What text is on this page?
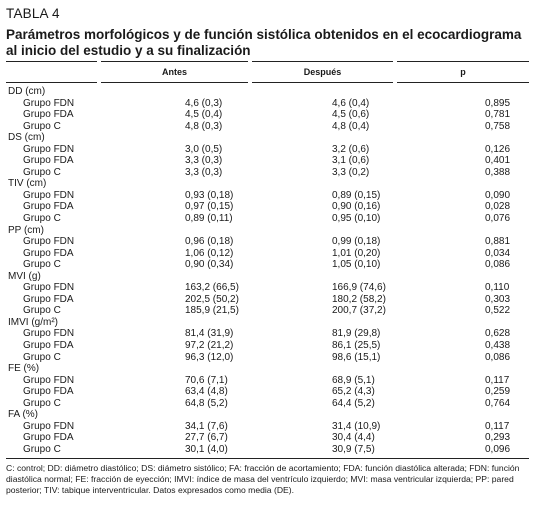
TABLA 4
Parámetros morfológicos y de función sistólica obtenidos en el ecocardiograma al inicio del estudio y a su finalización
	Antes	Después	p
DD (cm)			
Grupo FDN	4,6 (0,3)	4,6 (0,4)	0,895
Grupo FDA	4,5 (0,4)	4,5 (0,6)	0,781
Grupo C	4,8 (0,3)	4,8 (0,4)	0,758
DS (cm)			
Grupo FDN	3,0 (0,5)	3,2 (0,6)	0,126
Grupo FDA	3,3 (0,3)	3,1 (0,6)	0,401
Grupo C	3,3 (0,3)	3,3 (0,2)	0,388
TIV (cm)			
Grupo FDN	0,93 (0,18)	0,89 (0,15)	0,090
Grupo FDA	0,97 (0,15)	0,90 (0,16)	0,028
Grupo C	0,89 (0,11)	0,95 (0,10)	0,076
PP (cm)			
Grupo FDN	0,96 (0,18)	0,99 (0,18)	0,881
Grupo FDA	1,06 (0,12)	1,01 (0,20)	0,034
Grupo C	0,90 (0,34)	1,05 (0,10)	0,086
MVI (g)			
Grupo FDN	163,2 (66,5)	166,9 (74,6)	0,110
Grupo FDA	202,5 (50,2)	180,2 (58,2)	0,303
Grupo C	185,9 (21,5)	200,7 (37,2)	0,522
IMVI (g/m²)			
Grupo FDN	81,4 (31,9)	81,9 (29,8)	0,628
Grupo FDA	97,2 (21,2)	86,1 (25,5)	0,438
Grupo C	96,3 (12,0)	98,6 (15,1)	0,086
FE (%)			
Grupo FDN	70,6 (7,1)	68,9 (5,1)	0,117
Grupo FDA	63,4 (4,8)	65,2 (4,3)	0,259
Grupo C	64,8 (5,2)	64,4 (5,2)	0,764
FA (%)			
Grupo FDN	34,1 (7,6)	31,4 (10,9)	0,117
Grupo FDA	27,7 (6,7)	30,4 (4,4)	0,293
Grupo C	30,1 (4,0)	30,9 (7,5)	0,096
C: control; DD: diámetro diastólico; DS: diámetro sistólico; FA: fracción de acortamiento; FDA: función diastólica alterada; FDN: función diastólica normal; FE: fracción de eyección; IMVI: índice de masa del ventrículo izquierdo; MVI: masa ventricular izquierda; PP: pared posterior; TIV: tabique interventricular. Datos expresados como media (DE).
